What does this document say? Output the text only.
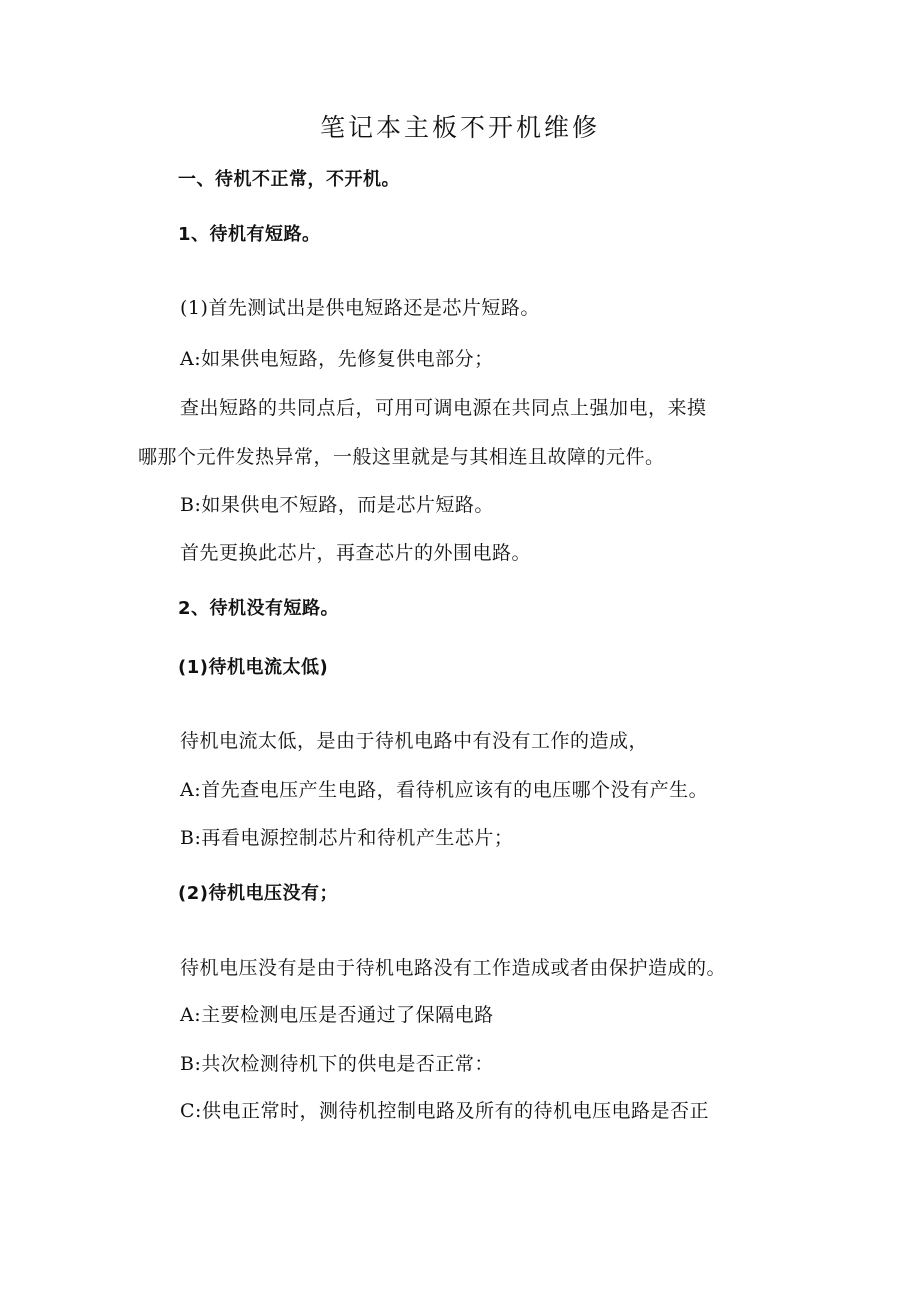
笔记本主板不开机维修
一、待机不正常，不开机。
1、待机有短路。
(1)首先测试出是供电短路还是芯片短路。
A:如果供电短路，先修复供电部分；
查出短路的共同点后，可用可调电源在共同点上强加电，来摸
哪那个元件发热异常，一般这里就是与其相连且故障的元件。
B:如果供电不短路，而是芯片短路。
首先更换此芯片，再查芯片的外围电路。
2、待机没有短路。
(1)待机电流太低)
待机电流太低，是由于待机电路中有没有工作的造成，
A:首先查电压产生电路，看待机应该有的电压哪个没有产生。
B:再看电源控制芯片和待机产生芯片；
(2)待机电压没有；
待机电压没有是由于待机电路没有工作造成或者由保护造成的。
A:主要检测电压是否通过了保隔电路
B:共次检测待机下的供电是否正常：
C:供电正常时，测待机控制电路及所有的待机电压电路是否正
